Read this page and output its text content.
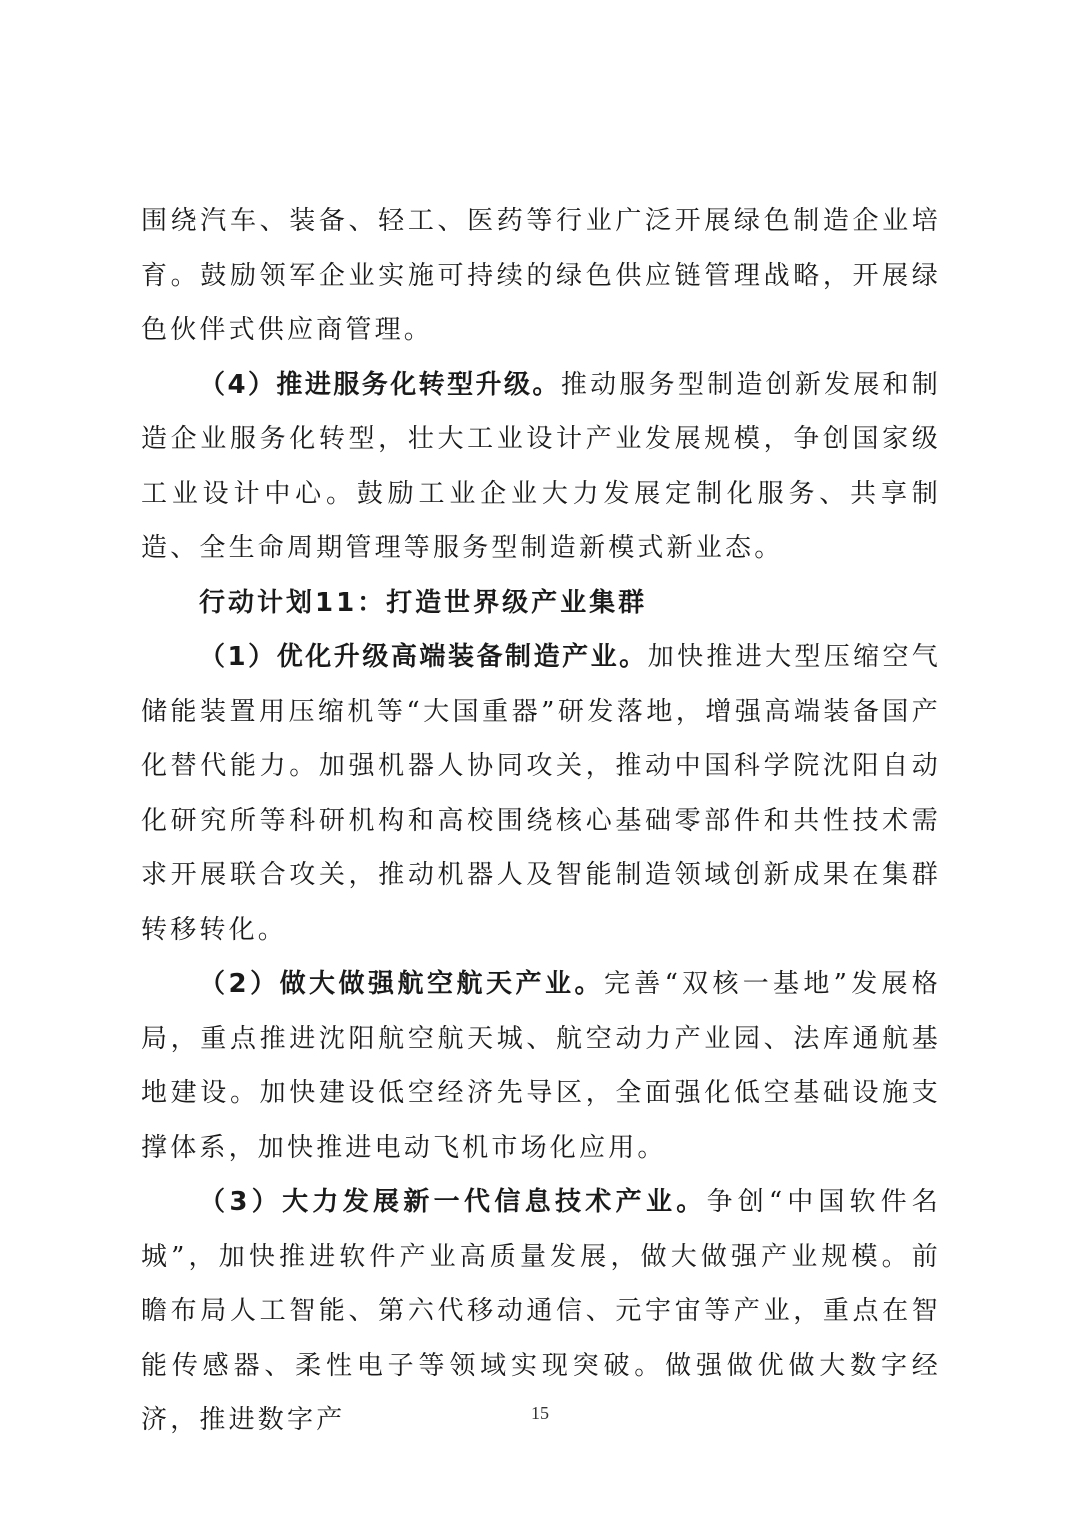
围绕汽车、装备、轻工、医药等行业广泛开展绿色制造企业培育。鼓励领军企业实施可持续的绿色供应链管理战略，开展绿色伙伴式供应商管理。

（4）推进服务化转型升级。推动服务型制造创新发展和制造企业服务化转型，壮大工业设计产业发展规模，争创国家级工业设计中心。鼓励工业企业大力发展定制化服务、共享制造、全生命周期管理等服务型制造新模式新业态。

行动计划11：打造世界级产业集群

（1）优化升级高端装备制造产业。加快推进大型压缩空气储能装置用压缩机等“大国重器”研发落地，增强高端装备国产化替代能力。加强机器人协同攻关，推动中国科学院沈阳自动化研究所等科研机构和高校围绕核心基础零部件和共性技术需求开展联合攻关，推动机器人及智能制造领域创新成果在集群转移转化。

（2）做大做强航空航天产业。完善“双核一基地”发展格局，重点推进沈阳航空航天城、航空动力产业园、法库通航基地建设。加快建设低空经济先导区，全面强化低空基础设施支撑体系，加快推进电动飞机市场化应用。

（3）大力发展新一代信息技术产业。争创“中国软件名城”，加快推进软件产业高质量发展，做大做强产业规模。前瞻布局人工智能、第六代移动通信、元宇宙等产业，重点在智能传感器、柔性电子等领域实现突破。做强做优做大数字经济，推进数字产	15
